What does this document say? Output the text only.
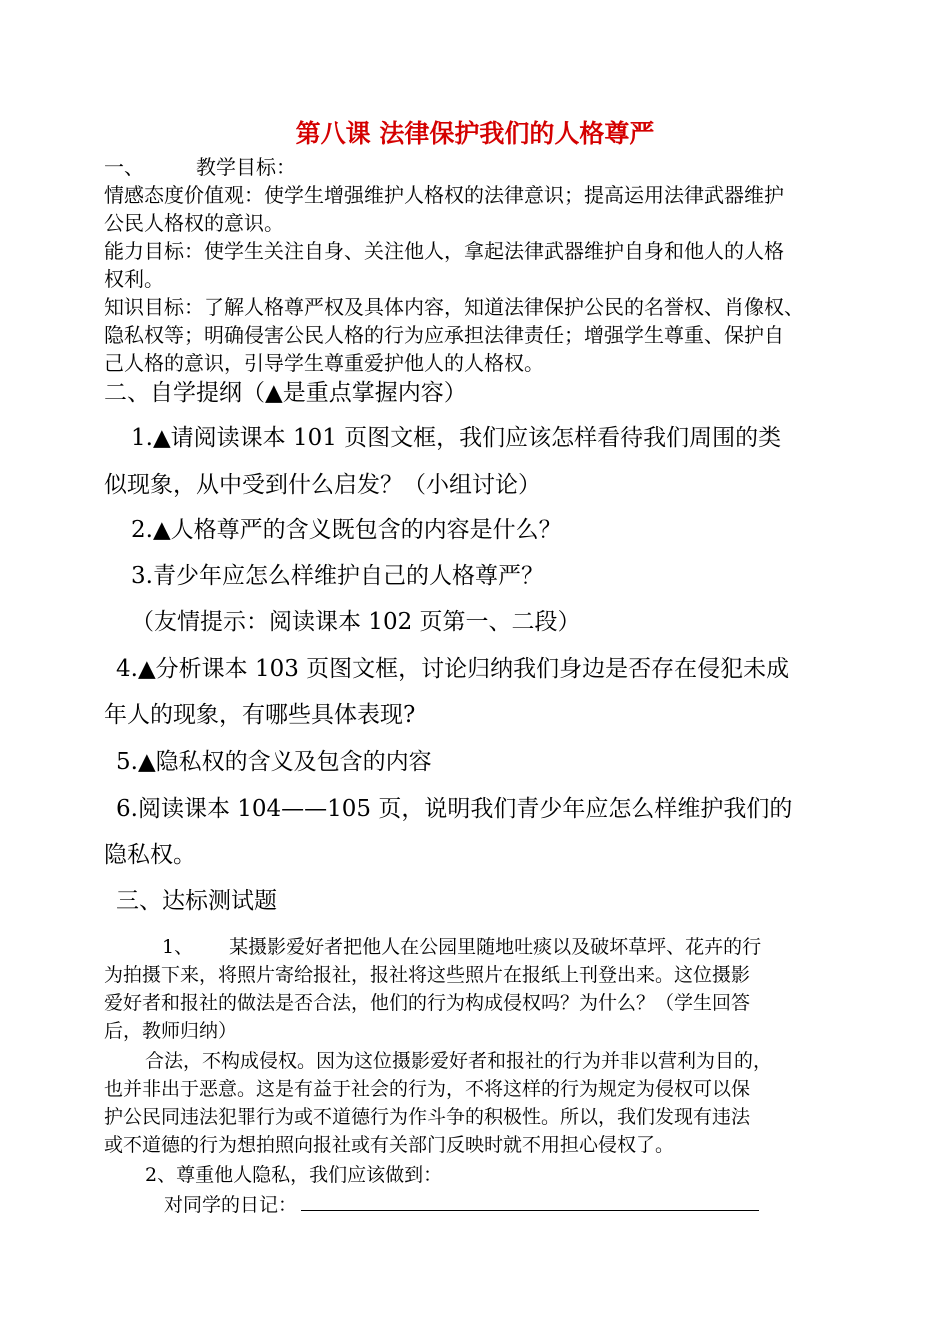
第八课 法律保护我们的人格尊严
一、	教学目标：
情感态度价值观：使学生增强维护人格权的法律意识；提高运用法律武器维护
公民人格权的意识。
能力目标：使学生关注自身、关注他人，拿起法律武器维护自身和他人的人格
权利。
知识目标：了解人格尊严权及具体内容，知道法律保护公民的名誉权、肖像权、
隐私权等；明确侵害公民人格的行为应承担法律责任；增强学生尊重、保护自
己人格的意识，引导学生尊重爱护他人的人格权。
二、自学提纲（▲是重点掌握内容）
1.▲请阅读课本 101 页图文框，我们应该怎样看待我们周围的类
似现象，从中受到什么启发？（小组讨论）
2.▲人格尊严的含义既包含的内容是什么？
3.青少年应怎么样维护自己的人格尊严？
（友情提示：阅读课本 102 页第一、二段）
4.▲分析课本 103 页图文框，讨论归纳我们身边是否存在侵犯未成
年人的现象，有哪些具体表现?
5.▲隐私权的含义及包含的内容
6.阅读课本 104——105 页，说明我们青少年应怎么样维护我们的
隐私权。
三、达标测试题
1、 某摄影爱好者把他人在公园里随地吐痰以及破坏草坪、花卉的行
为拍摄下来，将照片寄给报社，报社将这些照片在报纸上刊登出来。这位摄影
爱好者和报社的做法是否合法，他们的行为构成侵权吗？为什么？（学生回答
后，教师归纳）
合法，不构成侵权。因为这位摄影爱好者和报社的行为并非以营利为目的，
也并非出于恶意。这是有益于社会的行为，不将这样的行为规定为侵权可以保
护公民同违法犯罪行为或不道德行为作斗争的积极性。所以，我们发现有违法
或不道德的行为想拍照向报社或有关部门反映时就不用担心侵权了。
2、尊重他人隐私，我们应该做到：
对同学的日记：
